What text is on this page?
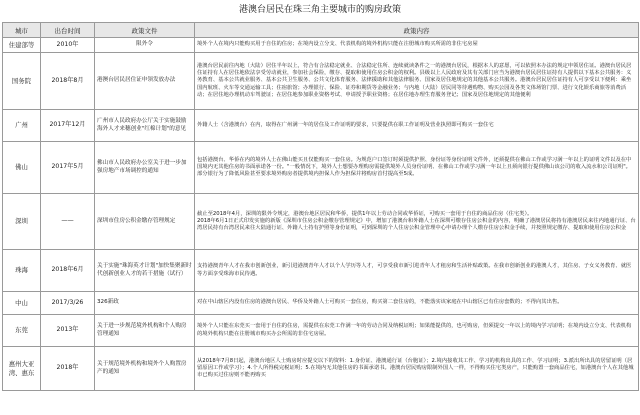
港澳台居民在珠三角主要城市的购房政策
城市	出台时间	政策文件	政策内容
住建部等	2010年	限外令	境外个人在境内只能购买用于自住的住房；在境内设立分支、代表机构的境外机构只能在注册城市购买所需的非住宅房屋
国务院	2018年8月	港澳台居民居住证申领发放办法	港澳台居民前往内地（大陆）居住半年以上，符合有合法稳定就业、合法稳定住所、连续就读条件之一的港澳台居民，根据本人的意愿，可以依照本办法的规定申领居住证。港澳台居民居住证持有人在居住地依法享受劳动就业，参加社会保险，缴存、提取和使用住房公积金的权利。县级以上人民政府及其有关部门应当为港澳台居民居住证持有人提供以下基本公共服务：义务教育、基本公共就业服务、基本公共卫生服务、公共文化体育服务、法律援助和其他法律服务、国家及居住地规定的其他基本公共服务。港澳台居民居住证持有人可享受以下便利：乘坐国内航班、火车等交通运输工具；住宿旅馆；办理银行、保险、证券和期货等金融业务；与内地（大陆）居民同等待遇购物、购买公园及各类文体场馆门票、进行文化娱乐商旅等消费活动；在居住地办理机动车驾驶证；在居住地参加职业资格考试、申请授予职业资格；在居住地办理生育服务登记；国家及居住地规定的其他便利
广州	2017年12月	广州市人民政府办公厅关于实施鼓励海外人才来穗创业"红棉计划"的意见	外籍人士（含港澳台）在内，取得在广州满一年的居住及工作证明的要求，只要提供在职工作证明及营业执照即可购买一套住宅
佛山	2017年5月	佛山市人民政府办公室关于进一步加强房地产市场调控的通知	包括港澳台、华侨在内的境外人士在佛山能买且仅能购买一套住房。为规范户口签订时须提供护照、身份证等身份证明文件外，还须提供在佛山工作或学习满一年以上的证明文件以及在中国境内无其他住房的书面承诺各一份。"一般情况下，境外人士想要办理购房需提供境外人员身份证明、在佛山工作或学习满一年以上且须向银行提供佛山该公司的收入流水和公司证明"。部分银行为了降低风险甚至要求境外购房者提供境内担保人作为担保并将购房首付提高至5成。
深圳	——	深圳市住房公积金缴存管理规定	截止至2018年4月，深圳的限外令规定，港澳台地区居民和华侨，提供1年以上劳动合同或华侨证，可购买一套用于自住的商品住房（住宅类）。
2018年6月1日正式印发实施的新版《深圳市住房公积金缴存管理规定》中，增加了港澳台和外籍人士在深圳可缴存住房公积金的内容，明确了港澳居民将持有港澳居民来往内地通行证、台湾居民持有台湾居民来往大陆通行证、外籍人士持有护照等身份证明，可到深圳的个人住房公积金管理中心申请办理个人缴存住房公积金手续，并按照规定缴存、提取和使用住房公积金
珠海	2018年6月	关于实施"珠海英才计划"加快集聚新时代创新创业人才的若干措施（试行）	支持港澳青年人才在我市创新创业，新引进港澳青年人才以个人学历等人才，可享受我市新引进青年人才租房和生活补贴政策。在我市创新创业的港澳人才，其住房、子女义务教育、就医等方面享受珠海市民待遇。
中山	2017/3/26	326新政	对在中山辖区内没有住房的港澳台居民、华侨及外籍人士可购买一套住房，购买第二套住房的，不能落实该家庭在中山辖区已有住房套数的；不得向其出售。
东莞	2013年	关于进一步规范境外机构和个人购房管理通知	境外个人只能在东莞买一套用于自住的住房，需提供在东莞工作满一年的劳动合同及纳税证明；如果能提供的，也可购房，但须提交一年以上的境内学习证明；在境内设立分支、代表机构的境外机构只能在注册城市购买办公所需的非住宅房屋。
惠州大亚湾、惠东	2018年	关于规范境外机构和境外个人购置房产的通知	从2018年7月8日起，港澳台地区人士购房时应提交以下的资料：1.身份证、港澳通行证（台胞证）；2.境内接收其工作、学习的机构出具的工作、学习证明；3.派出所出具的居留证明（居留原因工作或学习）；4.个人所得税完税证明；5.在境内无其他住房的书面承诺书。港澳台居民购房限制外国人一样，不得购买住宅类房产，只能购置一套商品住宅，如港澳台个人在其他城市已购买过住房则不能再购买
